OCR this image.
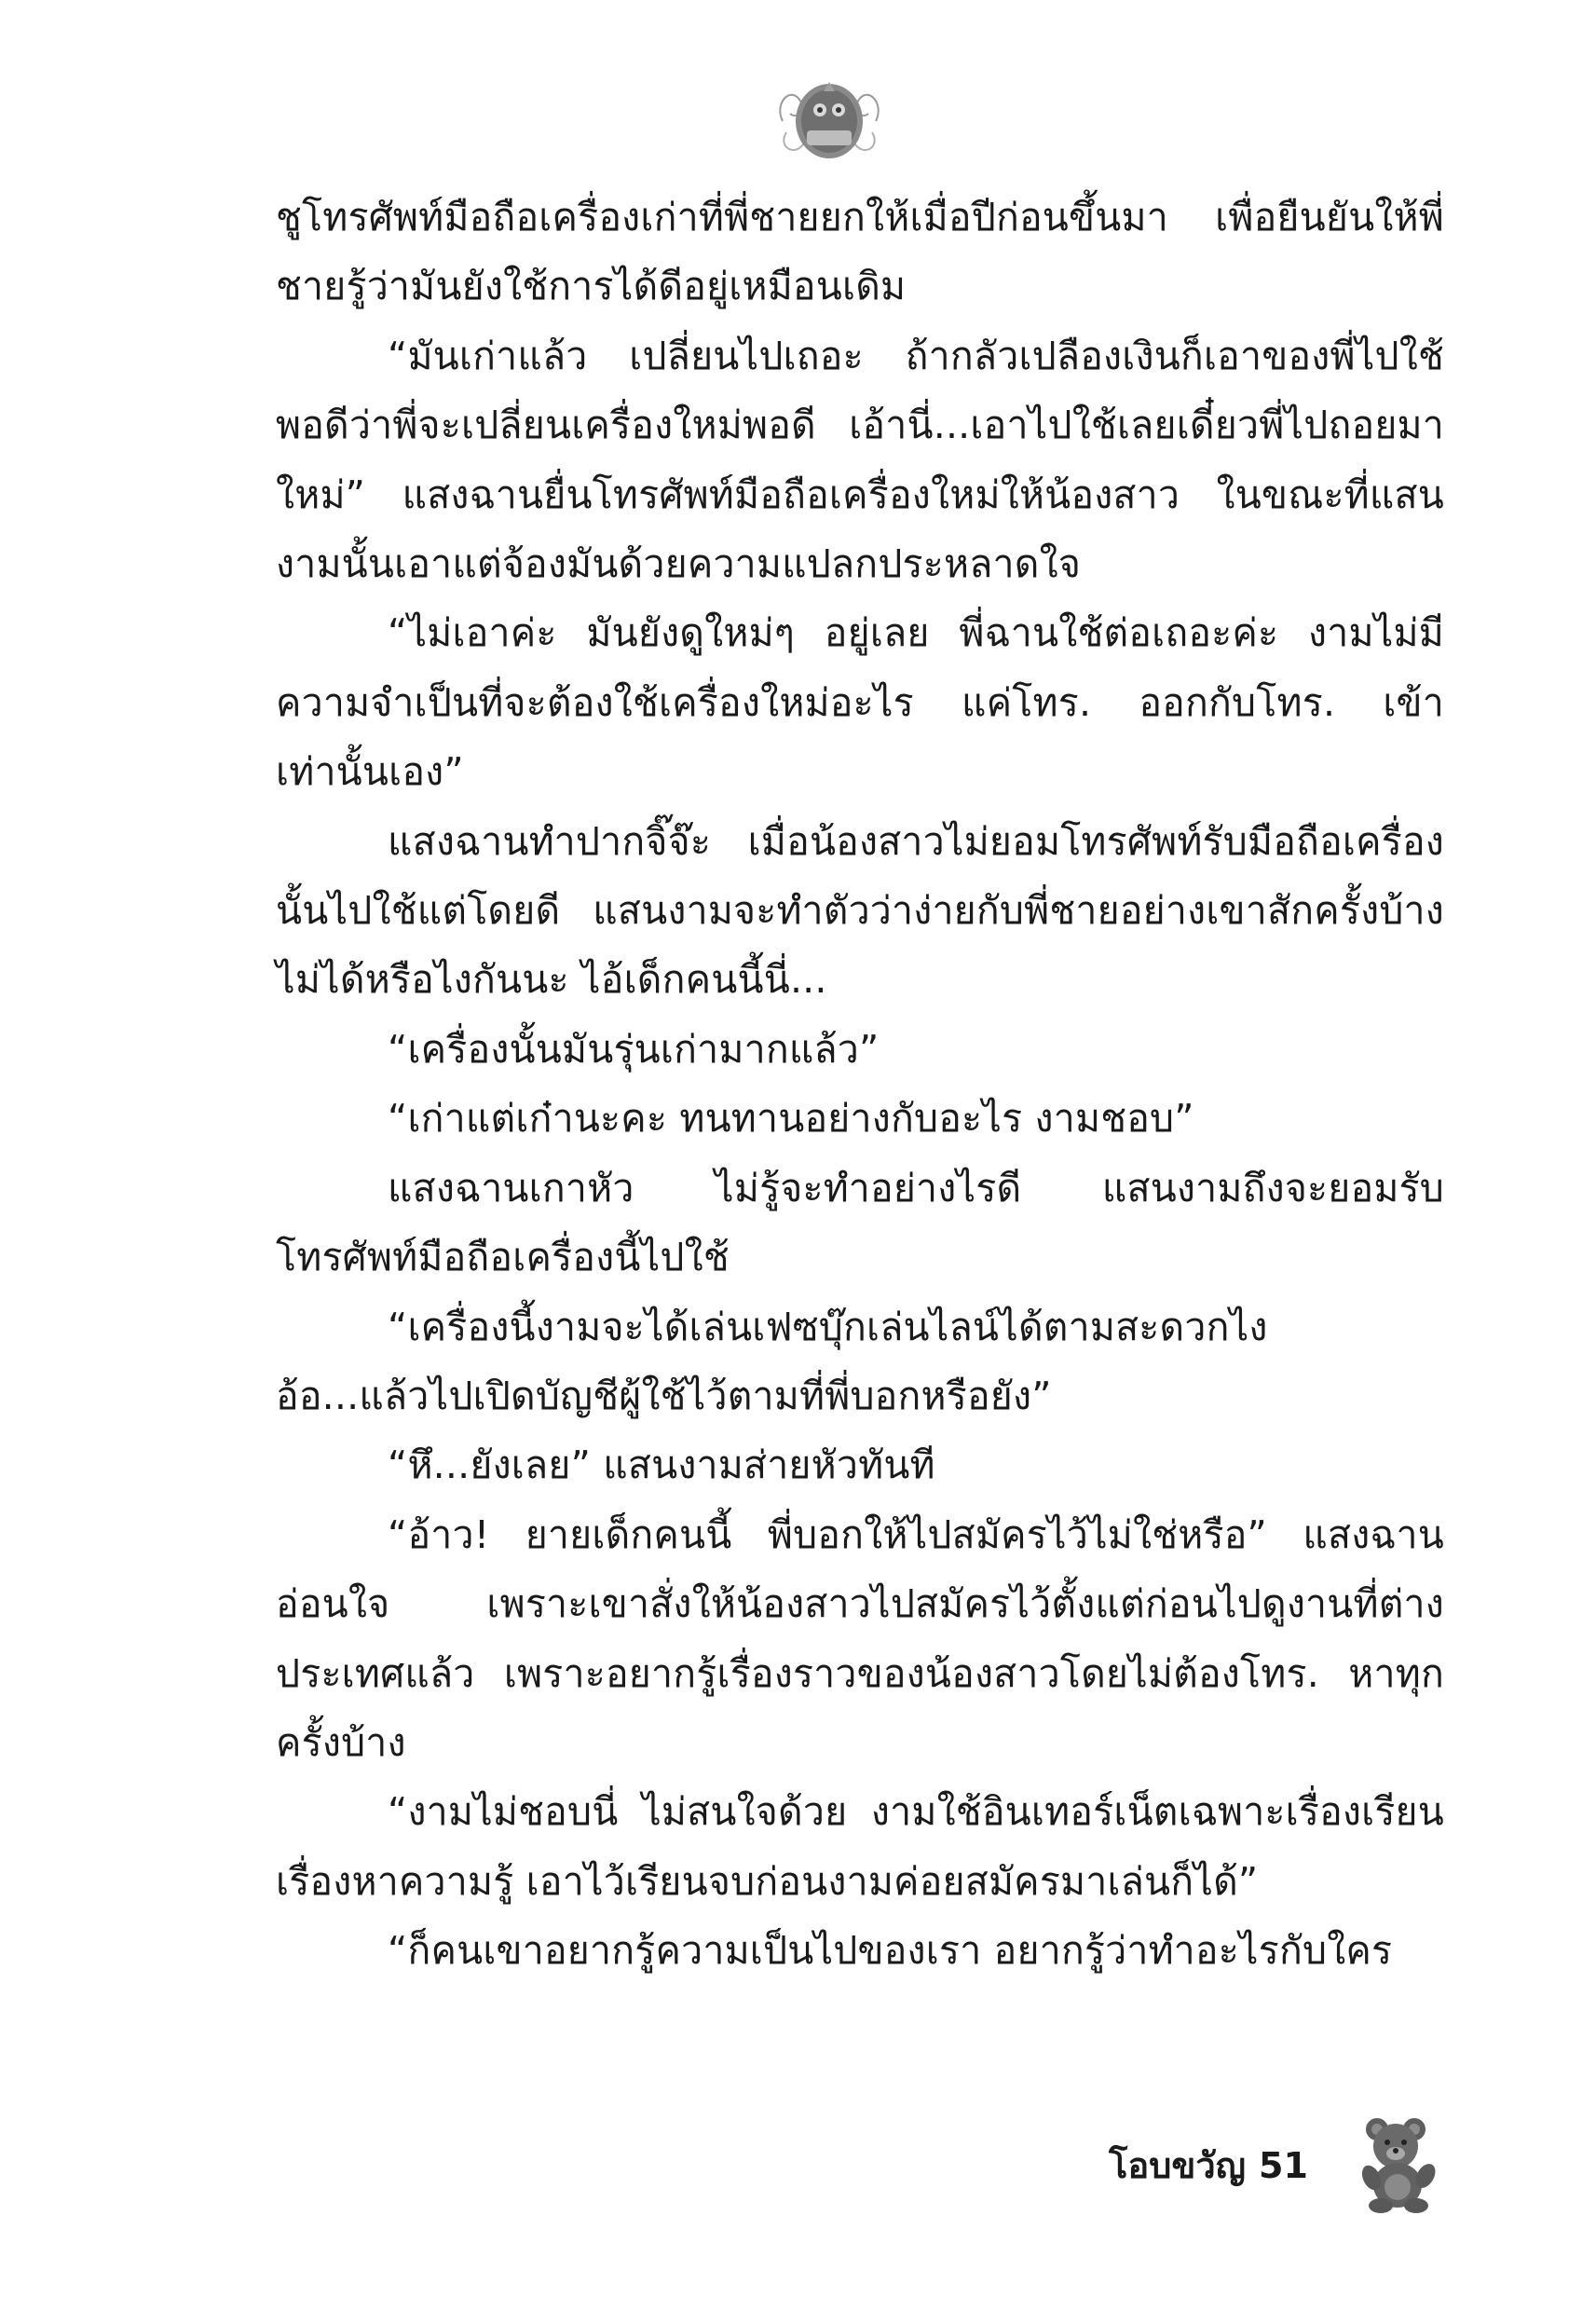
ชูโทรศัพท์มือถือเครื่องเก่าที่พี่ชายยกให้เมื่อปีก่อนขึ้นมา เพื่อยืนยันให้พี่ชายรู้ว่ามันยังใช้การได้ดีอยู่เหมือนเดิม

“มันเก่าแล้ว เปลี่ยนไปเถอะ ถ้ากลัวเปลืองเงินก็เอาของพี่ไปใช้ พอดีว่าพี่จะเปลี่ยนเครื่องใหม่พอดี เอ้านี่...เอาไปใช้เลยเดี๋ยวพี่ไปถอยมาใหม่” แสงฉานยื่นโทรศัพท์มือถือเครื่องใหม่ให้น้องสาว ในขณะที่แสนงามนั้นเอาแต่จ้องมันด้วยความแปลกประหลาดใจ

“ไม่เอาค่ะ มันยังดูใหม่ๆ อยู่เลย พี่ฉานใช้ต่อเถอะค่ะ งามไม่มีความจำเป็นที่จะต้องใช้เครื่องใหม่อะไร แค่โทร. ออกกับโทร. เข้าเท่านั้นเอง”

แสงฉานทำปากจิ๊จ๊ะ เมื่อน้องสาวไม่ยอมโทรศัพท์รับมือถือเครื่องนั้นไปใช้แต่โดยดี แสนงามจะทำตัวว่าง่ายกับพี่ชายอย่างเขาสักครั้งบ้างไม่ได้หรือไงกันนะ ไอ้เด็กคนนี้นี่...

“เครื่องนั้นมันรุ่นเก่ามากแล้ว”

“เก่าแต่เก๋านะคะ ทนทานอย่างกับอะไร งามชอบ”

แสงฉานเกาหัว ไม่รู้จะทำอย่างไรดี แสนงามถึงจะยอมรับโทรศัพท์มือถือเครื่องนี้ไปใช้

“เครื่องนี้งามจะได้เล่นเฟซบุ๊กเล่นไลน์ได้ตามสะดวกไง อ้อ...แล้วไปเปิดบัญชีผู้ใช้ไว้ตามที่พี่บอกหรือยัง”

“หึ...ยังเลย” แสนงามส่ายหัวทันที

“อ้าว! ยายเด็กคนนี้ พี่บอกให้ไปสมัครไว้ไม่ใช่หรือ” แสงฉานอ่อนใจ เพราะเขาสั่งให้น้องสาวไปสมัครไว้ตั้งแต่ก่อนไปดูงานที่ต่างประเทศแล้ว เพราะอยากรู้เรื่องราวของน้องสาวโดยไม่ต้องโทร. หาทุกครั้งบ้าง

“งามไม่ชอบนี่ ไม่สนใจด้วย งามใช้อินเทอร์เน็ตเฉพาะเรื่องเรียนเรื่องหาความรู้ เอาไว้เรียนจบก่อนงามค่อยสมัครมาเล่นก็ได้”

“ก็คนเขาอยากรู้ความเป็นไปของเรา อยากรู้ว่าทำอะไรกับใคร

โอบขวัญ 51
